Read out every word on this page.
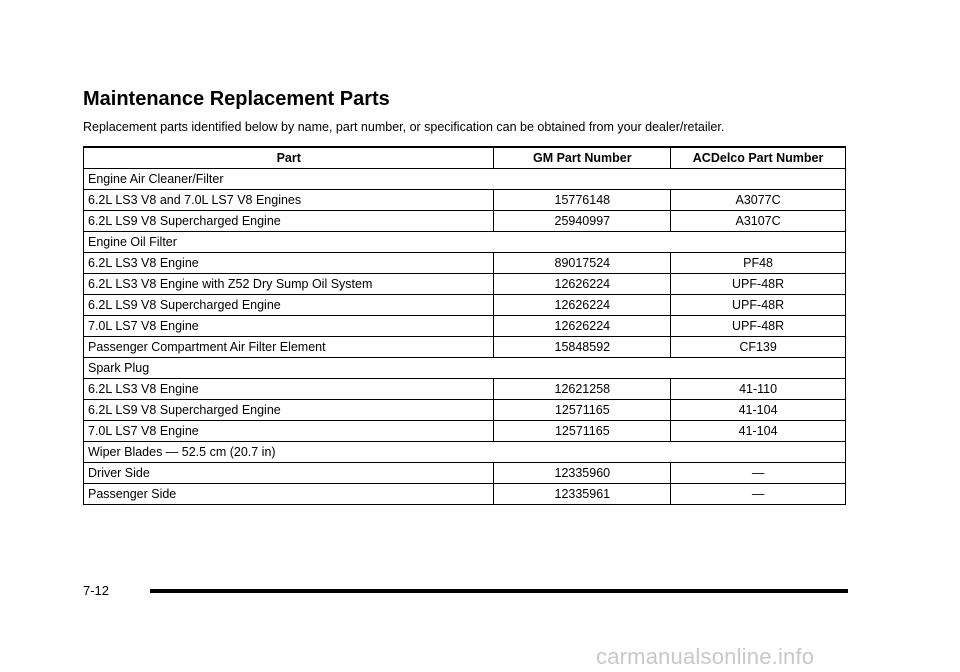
Maintenance Replacement Parts

Replacement parts identified below by name, part number, or specification can be obtained from your dealer/retailer.

Part	GM Part Number	ACDelco Part Number
Engine Air Cleaner/Filter		
6.2L LS3 V8 and 7.0L LS7 V8 Engines	15776148	A3077C
6.2L LS9 V8 Supercharged Engine	25940997	A3107C
Engine Oil Filter		
6.2L LS3 V8 Engine	89017524	PF48
6.2L LS3 V8 Engine with Z52 Dry Sump Oil System	12626224	UPF-48R
6.2L LS9 V8 Supercharged Engine	12626224	UPF-48R
7.0L LS7 V8 Engine	12626224	UPF-48R
Passenger Compartment Air Filter Element	15848592	CF139
Spark Plug		
6.2L LS3 V8 Engine	12621258	41-110
6.2L LS9 V8 Supercharged Engine	12571165	41-104
7.0L LS7 V8 Engine	12571165	41-104
Wiper Blades — 52.5 cm (20.7 in)		
Driver Side	12335960	—
Passenger Side	12335961	—
7-12
carmanualsonline.info
